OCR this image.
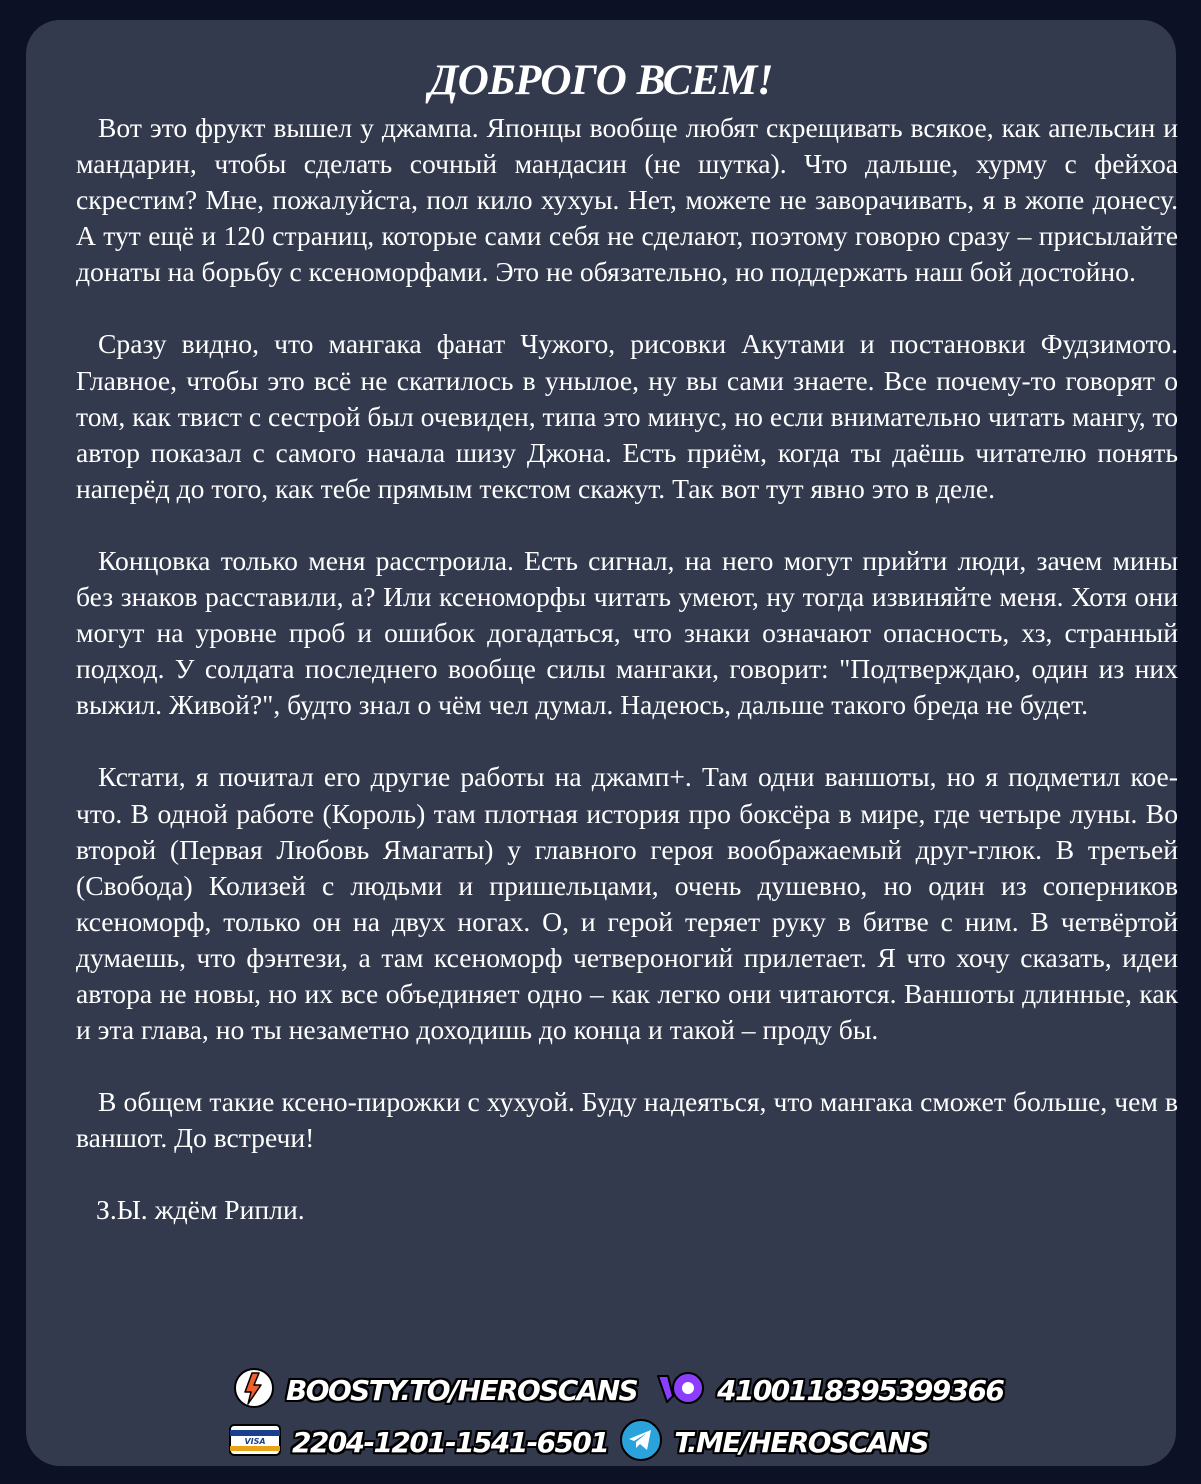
ДОБРОГО ВСЕМ!

Вот это фрукт вышел у джампа. Японцы вообще любят скрещивать всякое, как апельсин и мандарин, чтобы сделать сочный мандасин (не шутка). Что дальше, хурму с фейхоа скрестим? Мне, пожалуйста, пол кило хухуы. Нет, можете не заворачивать, я в жопе донесу. А тут ещё и 120 страниц, которые сами себя не сделают, поэтому говорю сразу – присылайте донаты на борьбу с ксеноморфами. Это не обязательно, но поддержать наш бой достойно.

Сразу видно, что мангака фанат Чужого, рисовки Акутами и постановки Фудзимото. Главное, чтобы это всё не скатилось в унылое, ну вы сами знаете. Все почему-то говорят о том, как твист с сестрой был очевиден, типа это минус, но если внимательно читать мангу, то автор показал с самого начала шизу Джона. Есть приём, когда ты даёшь читателю понять наперёд до того, как тебе прямым текстом скажут. Так вот тут явно это в деле.

Концовка только меня расстроила. Есть сигнал, на него могут прийти люди, зачем мины без знаков расставили, а? Или ксеноморфы читать умеют, ну тогда извиняйте меня. Хотя они могут на уровне проб и ошибок догадаться, что знаки означают опасность, хз, странный подход. У солдата последнего вообще силы мангаки, говорит: "Подтверждаю, один из них выжил. Живой?", будто знал о чём чел думал. Надеюсь, дальше такого бреда не будет.

Кстати, я почитал его другие работы на джамп+. Там одни ваншоты, но я подметил кое-что. В одной работе (Король) там плотная история про боксёра в мире, где четыре луны. Во второй (Первая Любовь Ямагаты) у главного героя воображаемый друг-глюк. В третьей (Свобода) Колизей с людьми и пришельцами, очень душевно, но один из соперников ксеноморф, только он на двух ногах. О, и герой теряет руку в битве с ним. В четвёртой думаешь, что фэнтези, а там ксеноморф четвероногий прилетает. Я что хочу сказать, идеи автора не новы, но их все объединяет одно – как легко они читаются. Ваншоты длинные, как и эта глава, но ты незаметно доходишь до конца и такой – проду бы.

В общем такие ксено-пирожки с хухуой. Буду надеяться, что мангака сможет больше, чем в ваншот. До встречи!

З.Ы. ждём Рипли.

BOOSTY.TO/HEROSCANS	4100118395399366
VISA 2204-1201-1541-6501 T.ME/HEROSCANS
